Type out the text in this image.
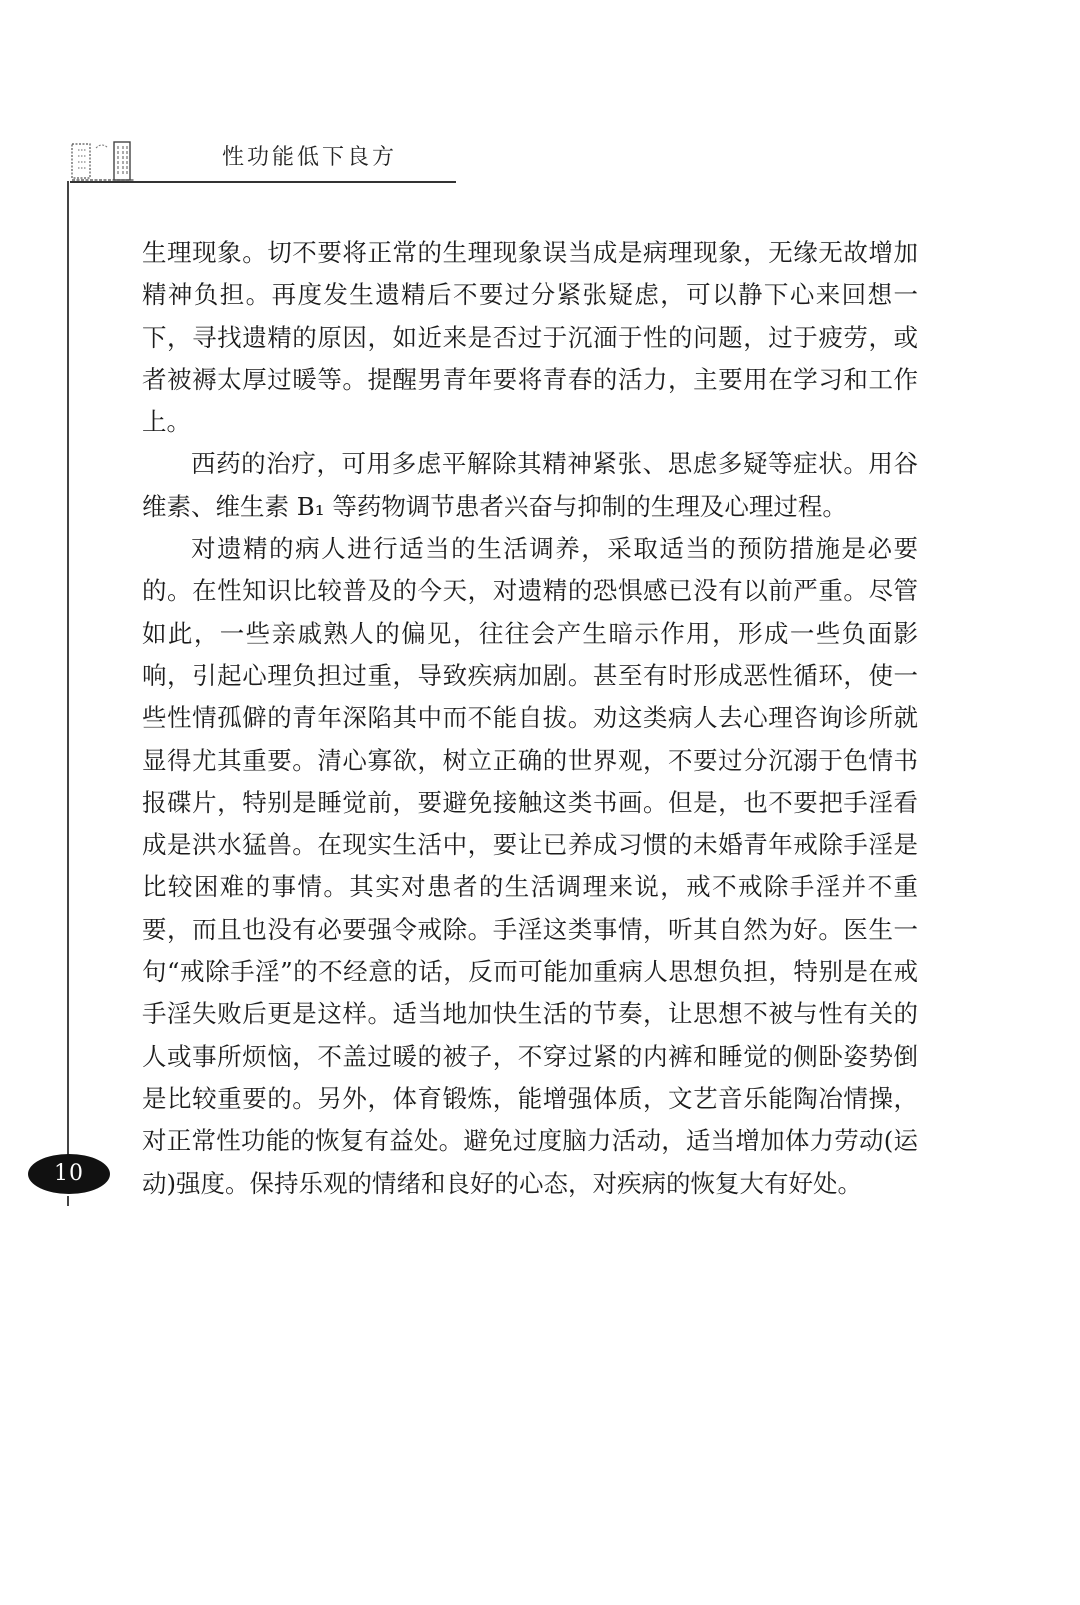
性功能低下良方
10

生理现象。切不要将正常的生理现象误当成是病理现象，无缘无故增加精神负担。再度发生遗精后不要过分紧张疑虑，可以静下心来回想一下，寻找遗精的原因，如近来是否过于沉湎于性的问题，过于疲劳，或者被褥太厚过暖等。提醒男青年要将青春的活力，主要用在学习和工作上。

西药的治疗，可用多虑平解除其精神紧张、思虑多疑等症状。用谷维素、维生素 B₁ 等药物调节患者兴奋与抑制的生理及心理过程。

对遗精的病人进行适当的生活调养，采取适当的预防措施是必要的。在性知识比较普及的今天，对遗精的恐惧感已没有以前严重。尽管如此，一些亲戚熟人的偏见，往往会产生暗示作用，形成一些负面影响，引起心理负担过重，导致疾病加剧。甚至有时形成恶性循环，使一些性情孤僻的青年深陷其中而不能自拔。劝这类病人去心理咨询诊所就显得尤其重要。清心寡欲，树立正确的世界观，不要过分沉溺于色情书报碟片，特别是睡觉前，要避免接触这类书画。但是，也不要把手淫看成是洪水猛兽。在现实生活中，要让已养成习惯的未婚青年戒除手淫是比较困难的事情。其实对患者的生活调理来说，戒不戒除手淫并不重要，而且也没有必要强令戒除。手淫这类事情，听其自然为好。医生一句“戒除手淫”的不经意的话，反而可能加重病人思想负担，特别是在戒手淫失败后更是这样。适当地加快生活的节奏，让思想不被与性有关的人或事所烦恼，不盖过暖的被子，不穿过紧的内裤和睡觉的侧卧姿势倒是比较重要的。另外，体育锻炼，能增强体质，文艺音乐能陶冶情操，对正常性功能的恢复有益处。避免过度脑力活动，适当增加体力劳动(运动)强度。保持乐观的情绪和良好的心态，对疾病的恢复大有好处。
